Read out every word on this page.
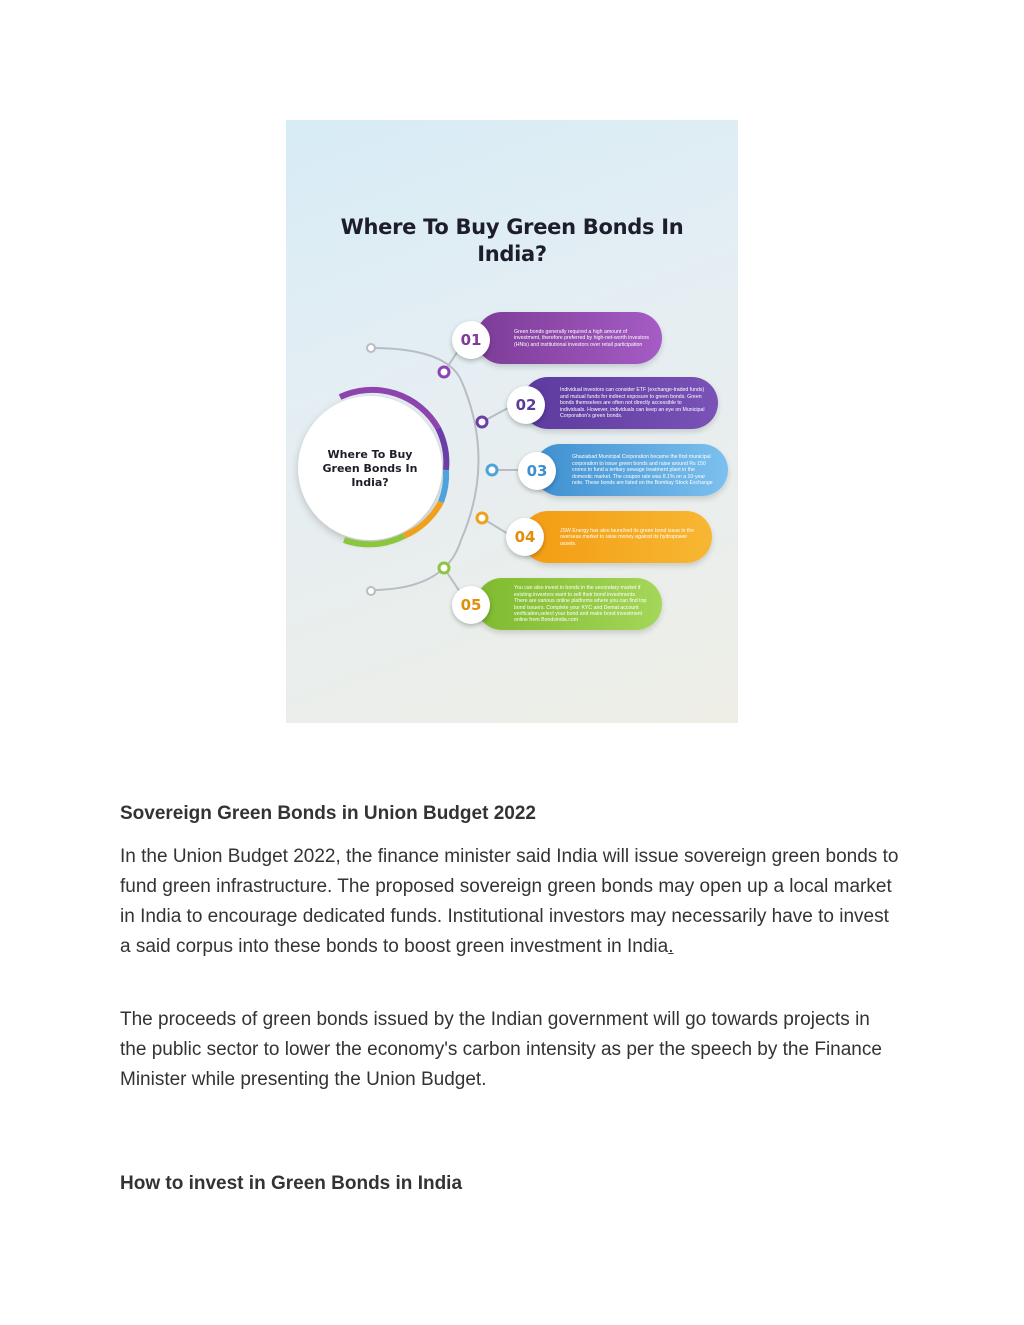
Where To Buy Green Bonds In
India?
Where To Buy
Green Bonds In
India?
Green bonds generally required a high amount of investment, therefore preferred by high-net-worth investors (HNIs) and institutional investors over retail participation
01
Individual investors can consider ETF (exchange-traded funds) and mutual funds for indirect exposure to green bonds. Green bonds themselves are often not directly accessible to individuals. However, individuals can keep an eye on Municipal Corporation's green bonds.
02
Ghaziabad Municipal Corporation became the first municipal corporation to issue green bonds and raise around Rs 150 crores to fund a tertiary sewage treatment plant in the domestic market. The coupon rate was 8.1% on a 10-year note. These bonds are listed on the Bombay Stock Exchange
03
JSW Energy has also launched its green bond issue in the overseas market to raise money against its hydropower assets.
04
You can also invest in bonds in the secondary market if existing investors want to sell their bond investments. There are various online platforms where you can find top bond issuers. Complete your KYC and Demat account verification,select your bond and make bond investment online from Bondsindia.com
05
Sovereign Green Bonds in Union Budget 2022
In the Union Budget 2022, the finance minister said India will issue sovereign green bonds to fund green infrastructure. The proposed sovereign green bonds may open up a local market in India to encourage dedicated funds. Institutional investors may necessarily have to invest a said corpus into these bonds to boost green investment in India.
The proceeds of green bonds issued by the Indian government will go towards projects in the public sector to lower the economy's carbon intensity as per the speech by the Finance Minister while presenting the Union Budget.
How to invest in Green Bonds in India
